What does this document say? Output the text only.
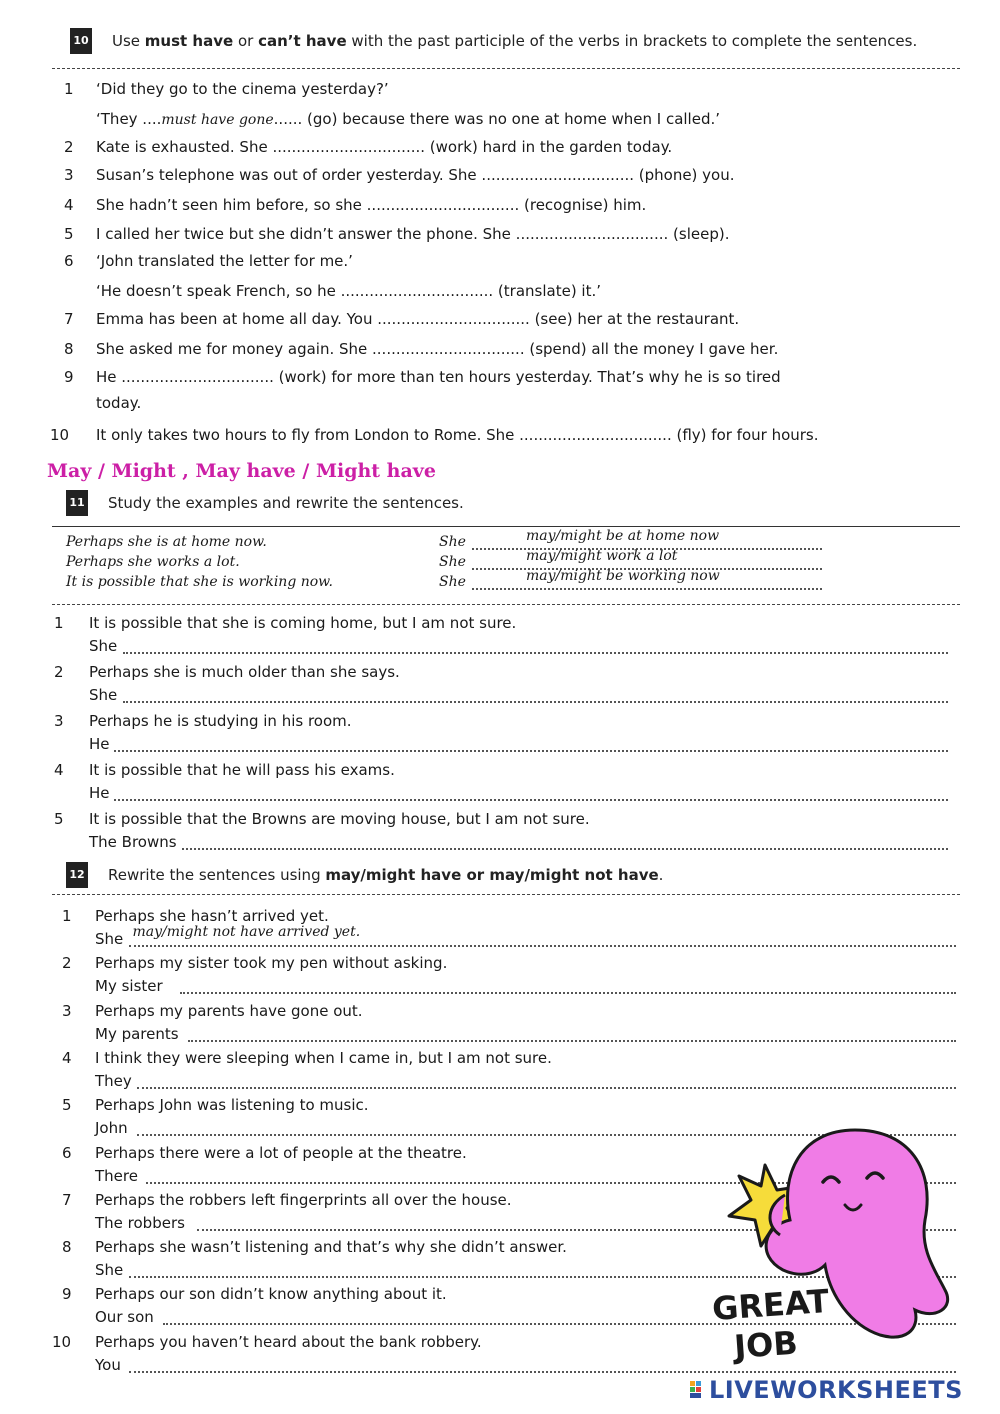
10 Use must have or can’t have with the past participle of the verbs in brackets to complete the sentences.
1 ‘Did they go to the cinema yesterday?’
‘They ....must have gone...... (go) because there was no one at home when I called.’
2 Kate is exhausted. She ................................ (work) hard in the garden today.
3 Susan’s telephone was out of order yesterday. She ................................ (phone) you.
4 She hadn’t seen him before, so she ................................ (recognise) him.
5 I called her twice but she didn’t answer the phone. She ................................ (sleep).
6 ‘John translated the letter for me.’
‘He doesn’t speak French, so he ................................ (translate) it.’
7 Emma has been at home all day. You ................................ (see) her at the restaurant.
8 She asked me for money again. She ................................ (spend) all the money I gave her.
9 He ................................ (work) for more than ten hours yesterday. That’s why he is so tired
today.
10 It only takes two hours to fly from London to Rome. She ................................ (fly) for four hours.
May / Might , May have / Might have
11 Study the examples and rewrite the sentences.
Perhaps she is at home now.	She	may/might be at home now
Perhaps she works a lot.	She	may/might work a lot
It is possible that she is working now.	She	may/might be working now
1 It is possible that she is coming home, but I am not sure.
She
2 Perhaps she is much older than she says.
She
3 Perhaps he is studying in his room.
He
4 It is possible that he will pass his exams.
He
5 It is possible that the Browns are moving house, but I am not sure.
The Browns
12 Rewrite the sentences using may/might have or may/might not have.
1 Perhaps she hasn’t arrived yet.
She may/might not have arrived yet.
2 Perhaps my sister took my pen without asking.
My sister
3 Perhaps my parents have gone out.
My parents
4 I think they were sleeping when I came in, but I am not sure.
They
5 Perhaps John was listening to music.
John
6 Perhaps there were a lot of people at the theatre.
There
7 Perhaps the robbers left fingerprints all over the house.
The robbers
8 Perhaps she wasn’t listening and that’s why she didn’t answer.
She
9 Perhaps our son didn’t know anything about it.
Our son
10 Perhaps you haven’t heard about the bank robbery.
You
GREAT
JOB
LIVEWORKSHEETS
